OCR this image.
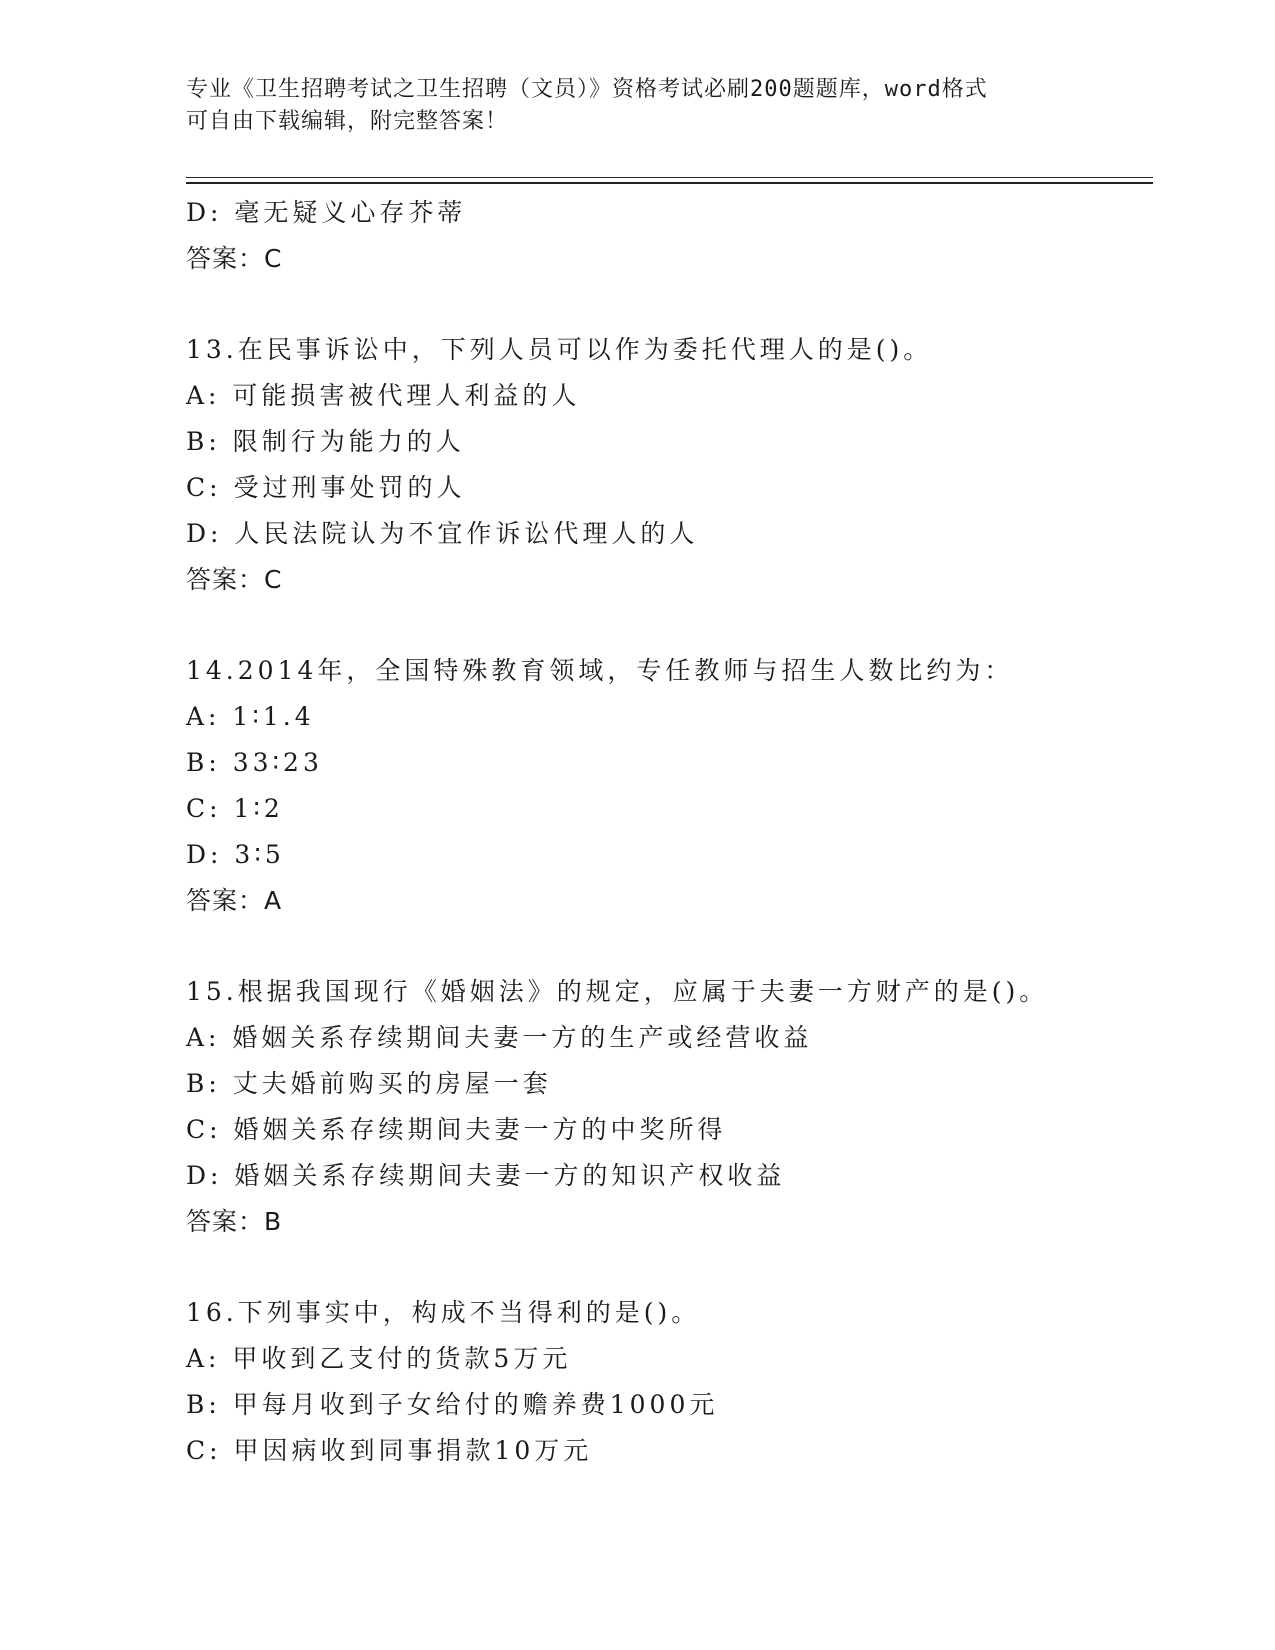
专业《卫生招聘考试之卫生招聘（文员）》资格考试必刷200题题库，word格式
可自由下载编辑，附完整答案！
D: 毫无疑义心存芥蒂
答案：C
13.在民事诉讼中，下列人员可以作为委托代理人的是()。
A: 可能损害被代理人利益的人
B: 限制行为能力的人
C: 受过刑事处罚的人
D: 人民法院认为不宜作诉讼代理人的人
答案：C
14.2014年，全国特殊教育领域，专任教师与招生人数比约为：
A: 1∶1.4
B: 33∶23
C: 1∶2
D: 3∶5
答案：A
15.根据我国现行《婚姻法》的规定，应属于夫妻一方财产的是()。
A: 婚姻关系存续期间夫妻一方的生产或经营收益
B: 丈夫婚前购买的房屋一套
C: 婚姻关系存续期间夫妻一方的中奖所得
D: 婚姻关系存续期间夫妻一方的知识产权收益
答案：B
16.下列事实中，构成不当得利的是()。
A: 甲收到乙支付的货款5万元
B: 甲每月收到子女给付的赡养费1000元
C: 甲因病收到同事捐款10万元
